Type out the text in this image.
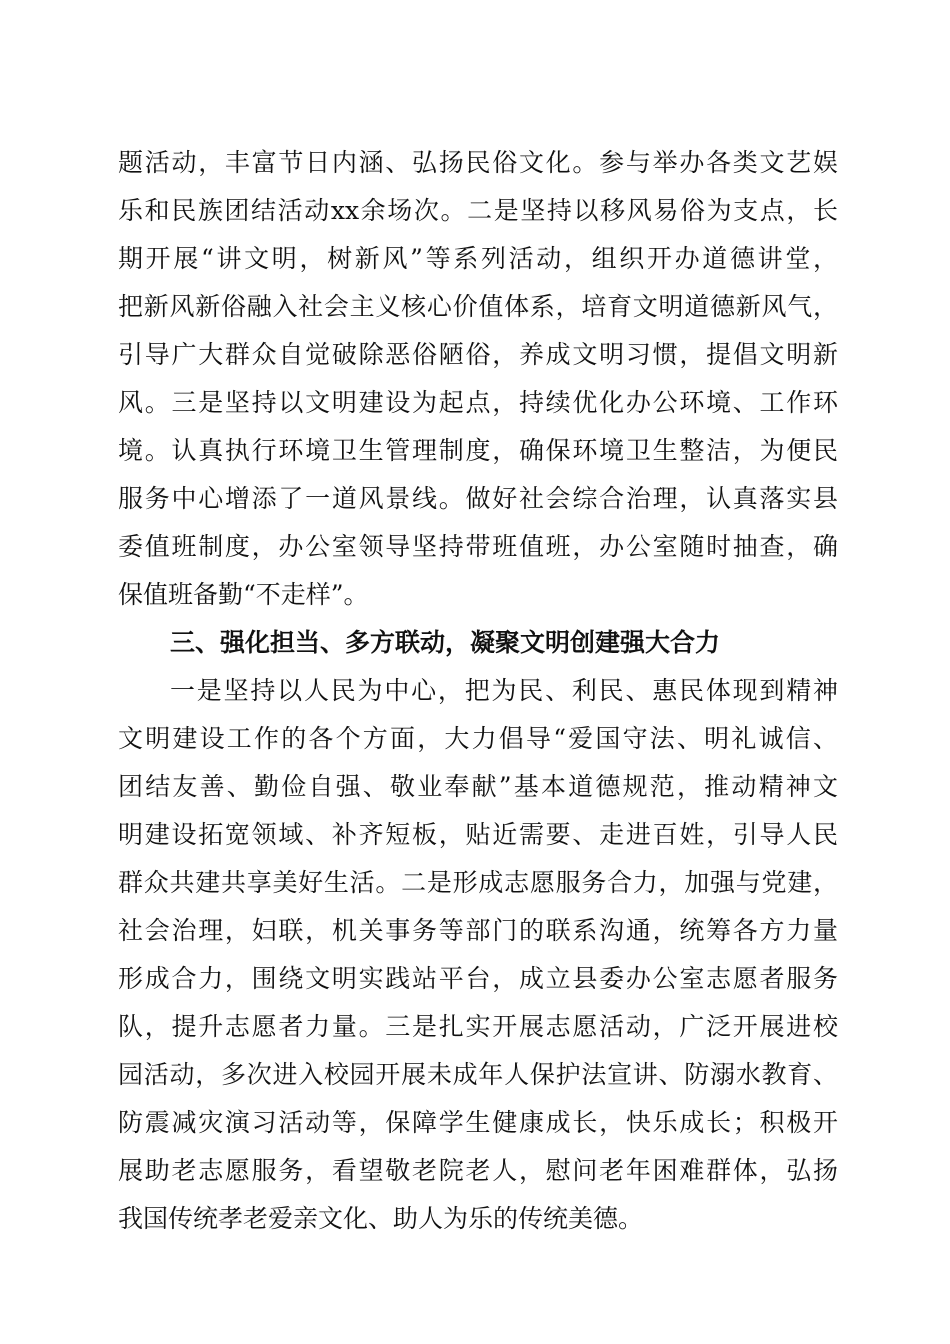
题活动，丰富节日内涵、弘扬民俗文化。参与举办各类文艺娱
乐和民族团结活动xx余场次。二是坚持以移风易俗为支点，长
期开展“讲文明，树新风”等系列活动，组织开办道德讲堂，
把新风新俗融入社会主义核心价值体系，培育文明道德新风气，
引导广大群众自觉破除恶俗陋俗，养成文明习惯，提倡文明新
风。三是坚持以文明建设为起点，持续优化办公环境、工作环
境。认真执行环境卫生管理制度，确保环境卫生整洁，为便民
服务中心增添了一道风景线。做好社会综合治理，认真落实县
委值班制度，办公室领导坚持带班值班，办公室随时抽查，确
保值班备勤“不走样”。
三、强化担当、多方联动，凝聚文明创建强大合力
一是坚持以人民为中心，把为民、利民、惠民体现到精神
文明建设工作的各个方面，大力倡导“爱国守法、明礼诚信、
团结友善、勤俭自强、敬业奉献”基本道德规范，推动精神文
明建设拓宽领域、补齐短板，贴近需要、走进百姓，引导人民
群众共建共享美好生活。二是形成志愿服务合力，加强与党建，
社会治理，妇联，机关事务等部门的联系沟通，统筹各方力量
形成合力，围绕文明实践站平台，成立县委办公室志愿者服务
队，提升志愿者力量。三是扎实开展志愿活动，广泛开展进校
园活动，多次进入校园开展未成年人保护法宣讲、防溺水教育、
防震减灾演习活动等，保障学生健康成长，快乐成长；积极开
展助老志愿服务，看望敬老院老人，慰问老年困难群体，弘扬
我国传统孝老爱亲文化、助人为乐的传统美德。
